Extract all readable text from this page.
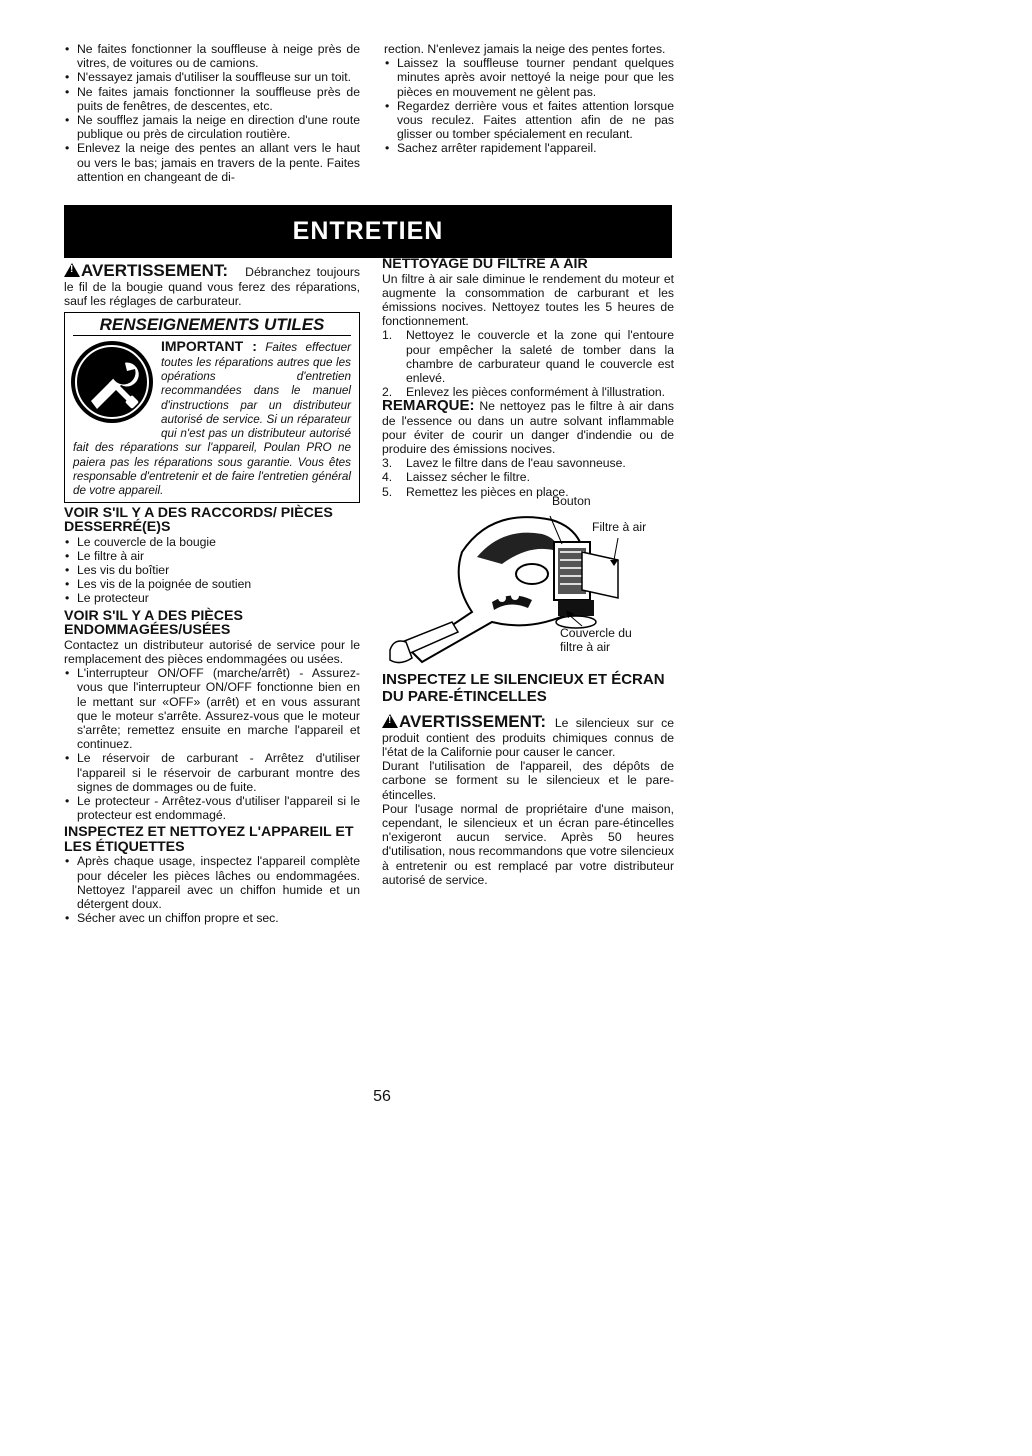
• Ne faites fonctionner la souffleuse à neige près de vitres, de voitures ou de camions.
• N'essayez jamais d'utiliser la souffleuse sur un toit.
• Ne faites jamais fonctionner la souffleuse près de puits de fenêtres, de descentes, etc.
• Ne soufflez jamais la neige en direction d'une route publique ou près de circulation routière.
• Enlevez la neige des pentes an allant vers le haut ou vers le bas; jamais en travers de la pente. Faites attention en changeant de di-

rection. N'enlevez jamais la neige des pentes fortes.

• Laissez la souffleuse tourner pendant quelques minutes après avoir nettoyé la neige pour que les pièces en mouvement ne gèlent pas.
• Regardez derrière vous et faites attention lorsque vous reculez. Faites attention afin de ne pas glisser ou tomber spécialement en reculant.
• Sachez arrêter rapidement l'appareil.
ENTRETIEN
!AVERTISSEMENT: Débranchez toujours le fil de la bougie quand vous ferez des réparations, sauf les réglages de carburateur.
RENSEIGNEMENTS UTILES
IMPORTANT : Faites effectuer toutes les réparations autres que les opérations d'entretien recommandées dans le manuel d'instructions par un distributeur autorisé de service. Si un réparateur qui n'est pas un distributeur autorisé fait des réparations sur l'appareil, Poulan PRO ne paiera pas les réparations sous garantie. Vous êtes responsable d'entretenir et de faire l'entretien général de votre appareil.
VOIR S'IL Y A DES RACCORDS/ PIÈCES DESSERRÉ(E)S
• Le couvercle de la bougie
• Le filtre à air
• Les vis du boîtier
• Les vis de la poignée de soutien
• Le protecteur
VOIR S'IL Y A DES PIÈCES ENDOMMAGÉES/USÉES

Contactez un distributeur autorisé de service pour le remplacement des pièces endommagées ou usées.

• L'interrupteur ON/OFF (marche/arrêt) - Assurez-vous que l'interrupteur ON/OFF fonctionne bien en le mettant sur «OFF» (arrêt) et en vous assurant que le moteur s'arrête. Assurez-vous que le moteur s'arrête; remettez ensuite en marche l'appareil et continuez.
• Le réservoir de carburant - Arrêtez d'utiliser l'appareil si le réservoir de carburant montre des signes de dommages ou de fuite.
• Le protecteur - Arrêtez-vous d'utiliser l'appareil si le protecteur est endommagé.
INSPECTEZ ET NETTOYEZ L'APPAREIL ET LES ÉTIQUETTES
• Après chaque usage, inspectez l'appareil complète pour déceler les pièces lâches ou endommagées. Nettoyez l'appareil avec un chiffon humide et un détergent doux.
• Sécher avec un chiffon propre et sec.
NETTOYAGE DU FILTRE À AIR

Un filtre à air sale diminue le rendement du moteur et augmente la consommation de carburant et les émissions nocives. Nettoyez toutes les 5 heures de fonctionnement.

1. Nettoyez le couvercle et la zone qui l'entoure pour empêcher la saleté de tomber dans la chambre de carburateur quand le couvercle est enlevé.
2. Enlevez les pièces conformément à l'illustration.

REMARQUE: Ne nettoyez pas le filtre à air dans de l'essence ou dans un autre solvant inflammable pour éviter de courir un danger d'indendie ou de produire des émissions nocives.

3. Lavez le filtre dans de l'eau savonneuse.
4. Laissez sécher le filtre.
5. Remettez les pièces en place.
Bouton
Filtre à air
Couvercle du
filtre à air
INSPECTEZ LE SILENCIEUX ET ÉCRAN DU PARE-ÉTINCELLES
!AVERTISSEMENT: Le silencieux sur ce produit contient des produits chimiques connus de l'état de la Californie pour causer le cancer.

Durant l'utilisation de l'appareil, des dépôts de carbone se forment su le silencieux et le pare-étincelles.

Pour l'usage normal de propriétaire d'une maison, cependant, le silencieux et un écran pare-étincelles n'exigeront aucun service. Après 50 heures d'utilisation, nous recommandons que votre silencieux à entretenir ou est remplacé par votre distributeur autorisé de service.

56
